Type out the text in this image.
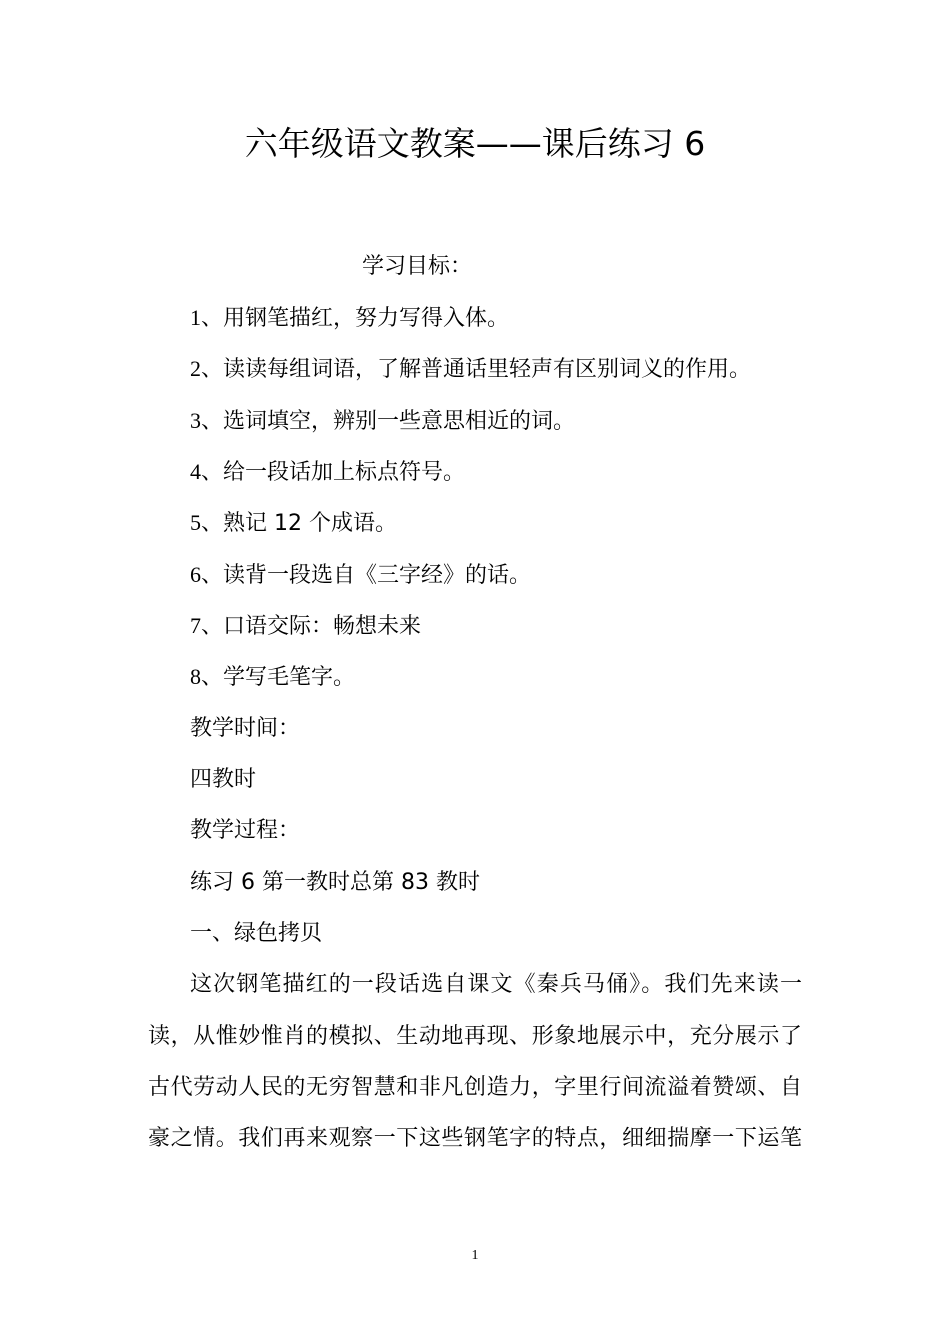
六年级语文教案——课后练习 6
学习目标：
1、用钢笔描红，努力写得入体。
2、读读每组词语，了解普通话里轻声有区别词义的作用。
3、选词填空，辨别一些意思相近的词。
4、给一段话加上标点符号。
5、熟记 12 个成语。
6、读背一段选自《三字经》的话。
7、口语交际：畅想未来
8、学写毛笔字。
教学时间：
四教时
教学过程：
练习 6 第一教时总第 83 教时
一、绿色拷贝
这次钢笔描红的一段话选自课文《秦兵马俑》。我们先来读一
读，从惟妙惟肖的模拟、生动地再现、形象地展示中，充分展示了
古代劳动人民的无穷智慧和非凡创造力，字里行间流溢着赞颂、自
豪之情。我们再来观察一下这些钢笔字的特点，细细揣摩一下运笔
1
